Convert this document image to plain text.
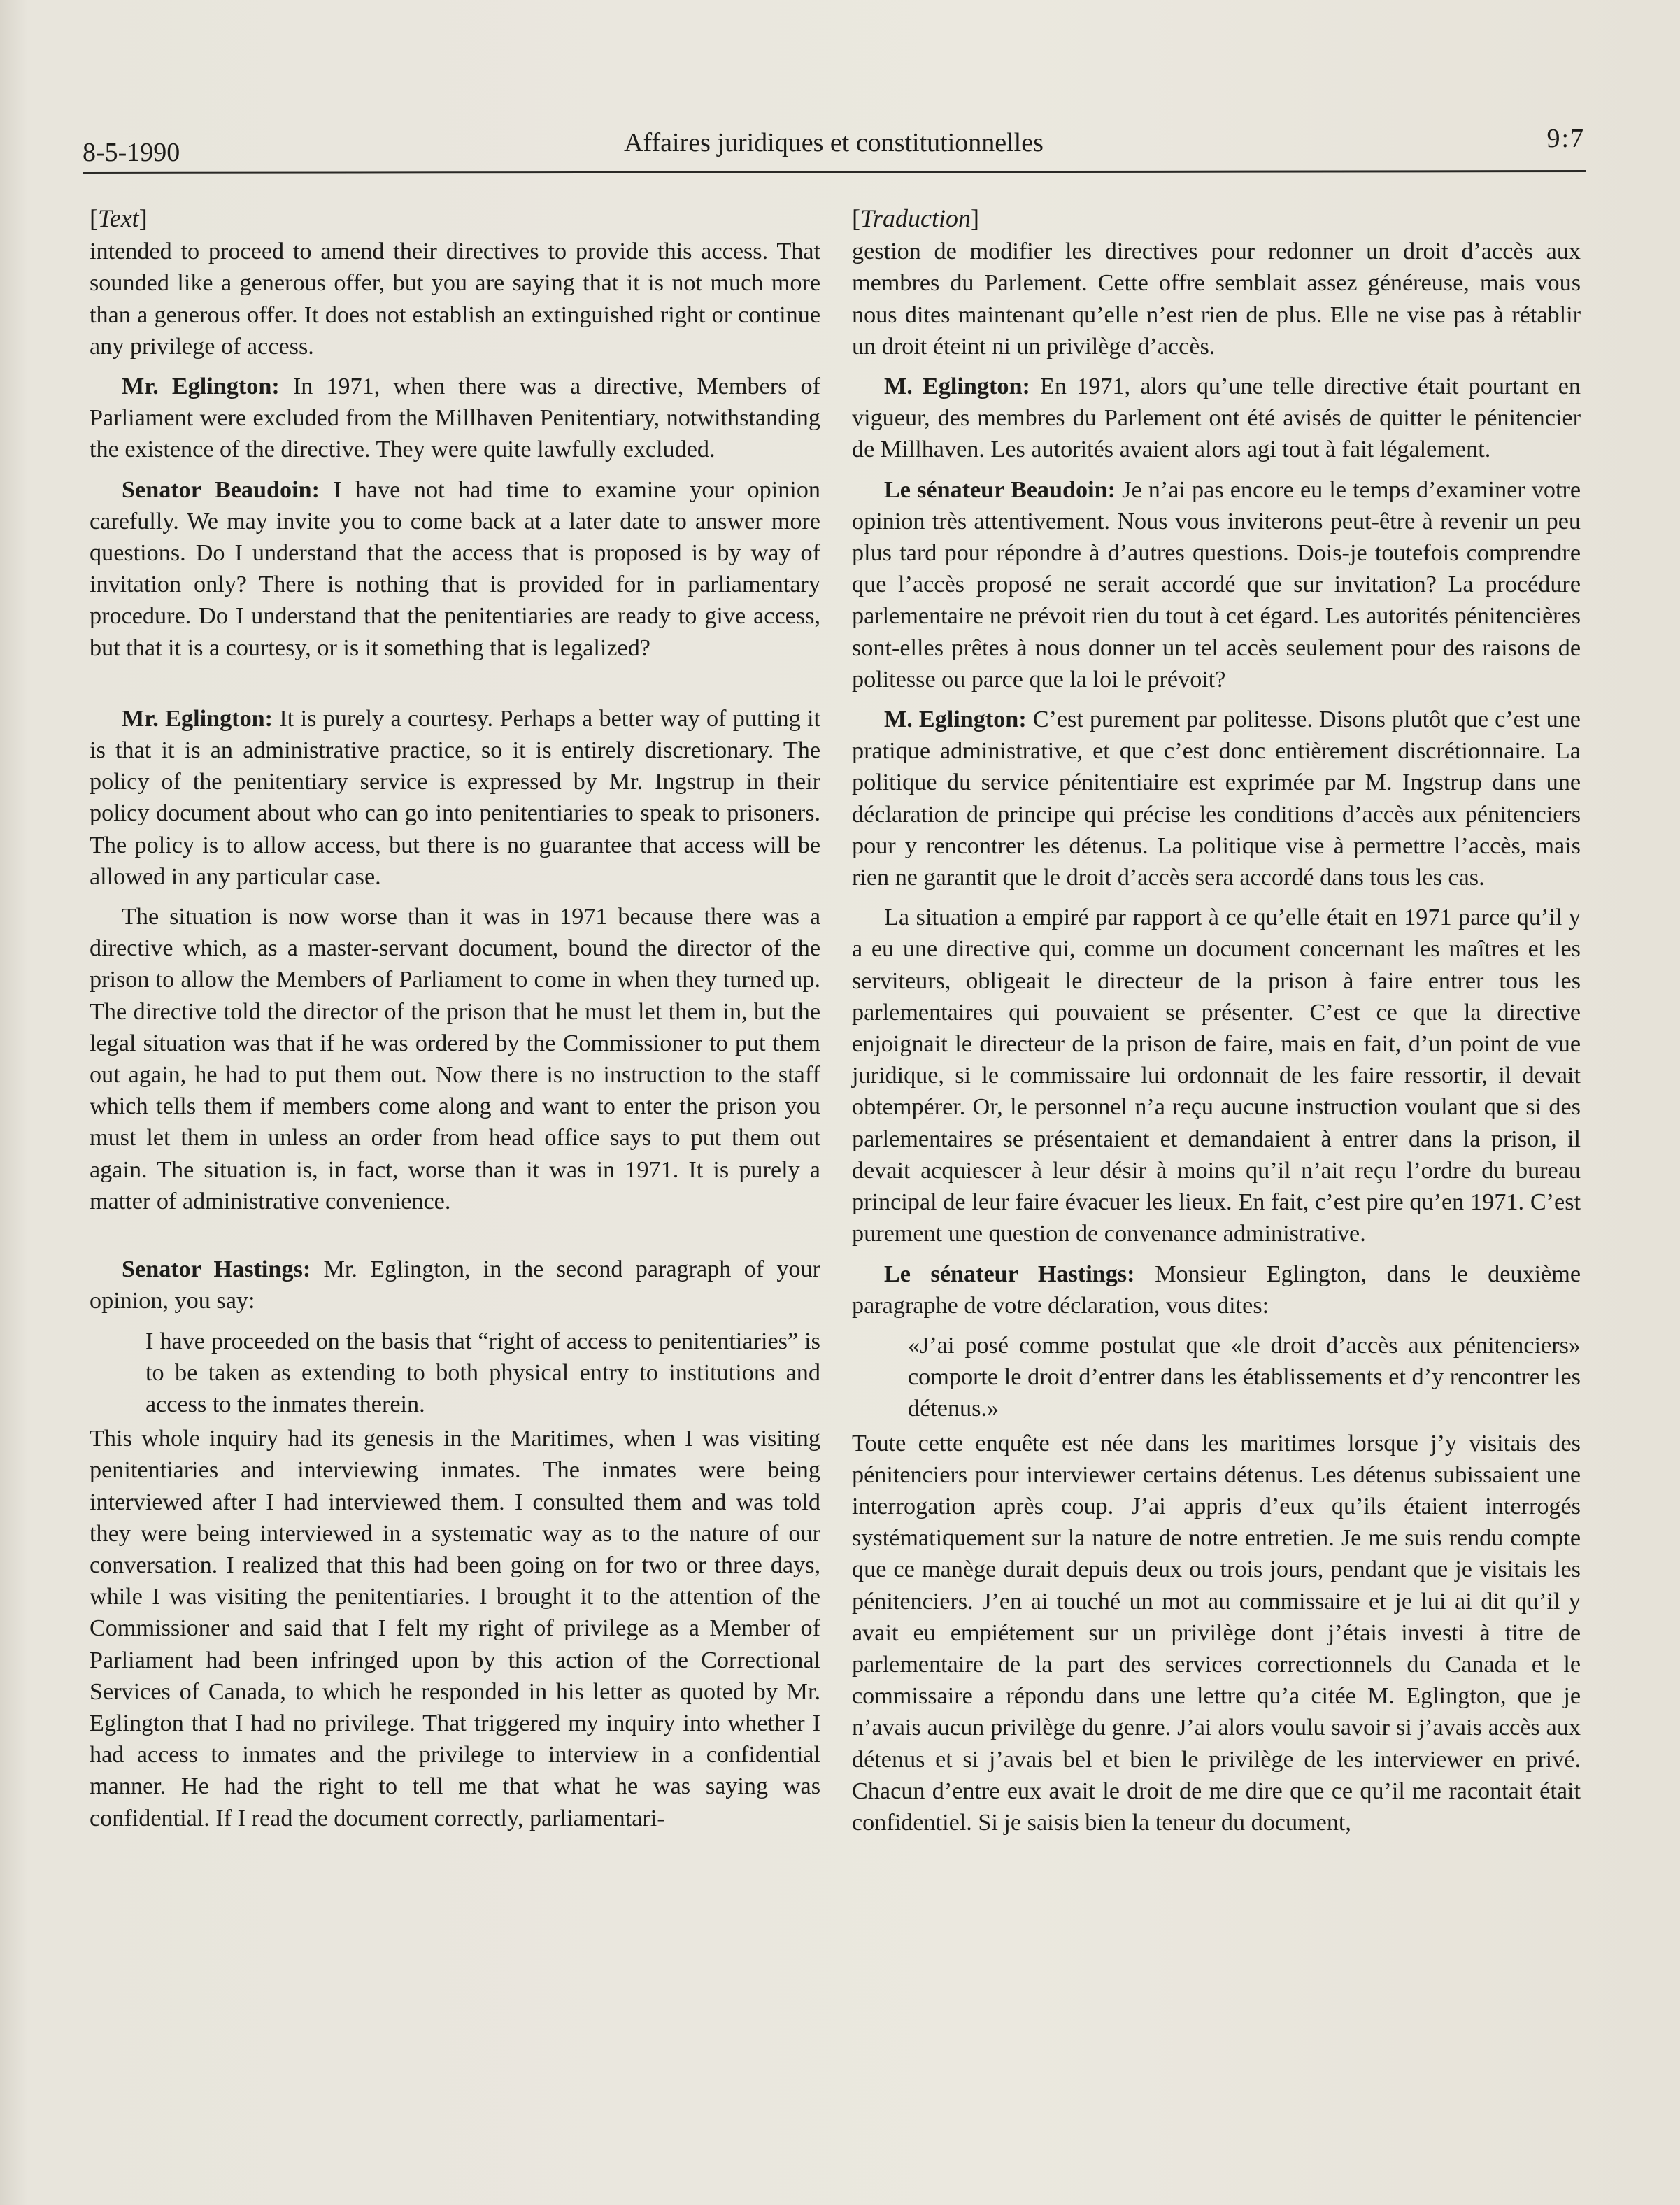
8-5-1990	Affaires juridiques et constitutionnelles	9:7
[Text]

intended to proceed to amend their directives to provide this access. That sounded like a generous offer, but you are saying that it is not much more than a generous offer. It does not establish an extinguished right or continue any privilege of access.

Mr. Eglington: In 1971, when there was a directive, Members of Parliament were excluded from the Millhaven Penitentiary, notwithstanding the existence of the directive. They were quite lawfully excluded.

Senator Beaudoin: I have not had time to examine your opinion carefully. We may invite you to come back at a later date to answer more questions. Do I understand that the access that is proposed is by way of invitation only? There is nothing that is provided for in parliamentary procedure. Do I understand that the penitentiaries are ready to give access, but that it is a courtesy, or is it something that is legalized?

Mr. Eglington: It is purely a courtesy. Perhaps a better way of putting it is that it is an administrative practice, so it is entirely discretionary. The policy of the penitentiary service is expressed by Mr. Ingstrup in their policy document about who can go into penitentiaries to speak to prisoners. The policy is to allow access, but there is no guarantee that access will be allowed in any particular case.

The situation is now worse than it was in 1971 because there was a directive which, as a master-servant document, bound the director of the prison to allow the Members of Parliament to come in when they turned up. The directive told the director of the prison that he must let them in, but the legal situation was that if he was ordered by the Commissioner to put them out again, he had to put them out. Now there is no instruction to the staff which tells them if members come along and want to enter the prison you must let them in unless an order from head office says to put them out again. The situation is, in fact, worse than it was in 1971. It is purely a matter of administrative convenience.

Senator Hastings: Mr. Eglington, in the second paragraph of your opinion, you say:

I have proceeded on the basis that “right of access to penitentiaries” is to be taken as extending to both physical entry to institutions and access to the inmates therein.

This whole inquiry had its genesis in the Maritimes, when I was visiting penitentiaries and interviewing inmates. The inmates were being interviewed after I had interviewed them. I consulted them and was told they were being interviewed in a systematic way as to the nature of our conversation. I realized that this had been going on for two or three days, while I was visiting the penitentiaries. I brought it to the attention of the Commissioner and said that I felt my right of privilege as a Member of Parliament had been infringed upon by this action of the Correctional Services of Canada, to which he responded in his letter as quoted by Mr. Eglington that I had no privilege. That triggered my inquiry into whether I had access to inmates and the privilege to interview in a confidential manner. He had the right to tell me that what he was saying was confidential. If I read the document correctly, parliamentari-

[Traduction]

gestion de modifier les directives pour redonner un droit d’accès aux membres du Parlement. Cette offre semblait assez généreuse, mais vous nous dites maintenant qu’elle n’est rien de plus. Elle ne vise pas à rétablir un droit éteint ni un privilège d’accès.

M. Eglington: En 1971, alors qu’une telle directive était pourtant en vigueur, des membres du Parlement ont été avisés de quitter le pénitencier de Millhaven. Les autorités avaient alors agi tout à fait légalement.

Le sénateur Beaudoin: Je n’ai pas encore eu le temps d’examiner votre opinion très attentivement. Nous vous inviterons peut-être à revenir un peu plus tard pour répondre à d’autres questions. Dois-je toutefois comprendre que l’accès proposé ne serait accordé que sur invitation? La procédure parlementaire ne prévoit rien du tout à cet égard. Les autorités pénitencières sont-elles prêtes à nous donner un tel accès seulement pour des raisons de politesse ou parce que la loi le prévoit?

M. Eglington: C’est purement par politesse. Disons plutôt que c’est une pratique administrative, et que c’est donc entièrement discrétionnaire. La politique du service pénitentiaire est exprimée par M. Ingstrup dans une déclaration de principe qui précise les conditions d’accès aux pénitenciers pour y rencontrer les détenus. La politique vise à permettre l’accès, mais rien ne garantit que le droit d’accès sera accordé dans tous les cas.

La situation a empiré par rapport à ce qu’elle était en 1971 parce qu’il y a eu une directive qui, comme un document concernant les maîtres et les serviteurs, obligeait le directeur de la prison à faire entrer tous les parlementaires qui pouvaient se présenter. C’est ce que la directive enjoignait le directeur de la prison de faire, mais en fait, d’un point de vue juridique, si le commissaire lui ordonnait de les faire ressortir, il devait obtempérer. Or, le personnel n’a reçu aucune instruction voulant que si des parlementaires se présentaient et demandaient à entrer dans la prison, il devait acquiescer à leur désir à moins qu’il n’ait reçu l’ordre du bureau principal de leur faire évacuer les lieux. En fait, c’est pire qu’en 1971. C’est purement une question de convenance administrative.

Le sénateur Hastings: Monsieur Eglington, dans le deuxième paragraphe de votre déclaration, vous dites:

«J’ai posé comme postulat que «le droit d’accès aux pénitenciers» comporte le droit d’entrer dans les établissements et d’y rencontrer les détenus.»

Toute cette enquête est née dans les maritimes lorsque j’y visitais des pénitenciers pour interviewer certains détenus. Les détenus subissaient une interrogation après coup. J’ai appris d’eux qu’ils étaient interrogés systématiquement sur la nature de notre entretien. Je me suis rendu compte que ce manège durait depuis deux ou trois jours, pendant que je visitais les pénitenciers. J’en ai touché un mot au commissaire et je lui ai dit qu’il y avait eu empiétement sur un privilège dont j’étais investi à titre de parlementaire de la part des services correctionnels du Canada et le commissaire a répondu dans une lettre qu’a citée M. Eglington, que je n’avais aucun privilège du genre. J’ai alors voulu savoir si j’avais accès aux détenus et si j’avais bel et bien le privilège de les interviewer en privé. Chacun d’entre eux avait le droit de me dire que ce qu’il me racontait était confidentiel. Si je saisis bien la teneur du document,
